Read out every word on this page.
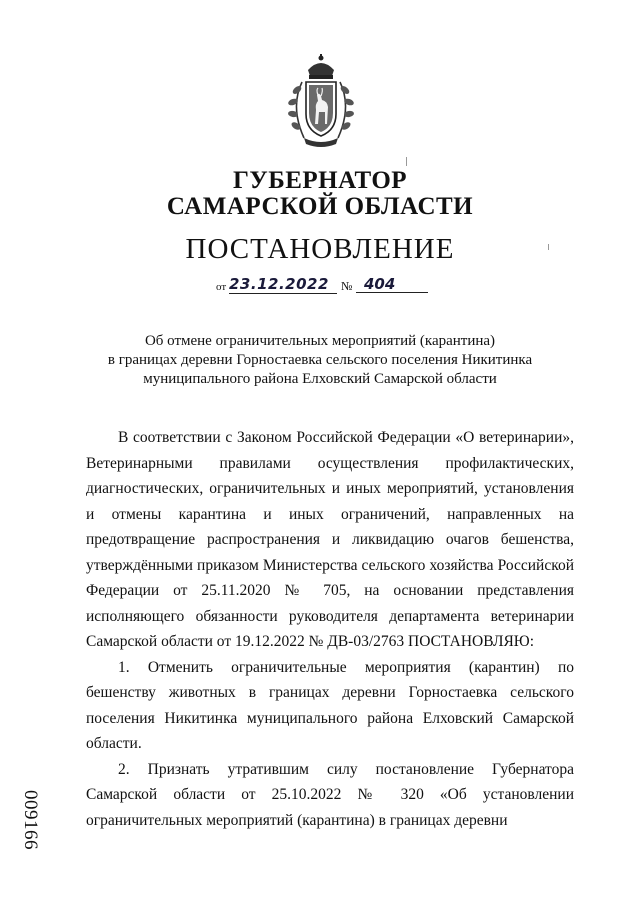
ГУБЕРНАТОР
САМАРСКОЙ ОБЛАСТИ
ПОСТАНОВЛЕНИЕ
от 23.12.2022	№ 404
Об отмене ограничительных мероприятий (карантина)
в границах деревни Горностаевка сельского поселения Никитинка
муниципального района Елховский Самарской области

В соответствии с Законом Российской Федерации «О ветеринарии», Ветеринарными правилами осуществления профилактических, диагностических, ограничительных и иных мероприятий, установления и отмены карантина и иных ограничений, направленных на предотвращение распространения и ликвидацию очагов бешенства, утверждёнными приказом Министерства сельского хозяйства Российской Федерации от 25.11.2020 № 705, на основании представления исполняющего обязанности руководителя департамента ветеринарии Самарской области от 19.12.2022 № ДВ-03/2763 ПОСТАНОВЛЯЮ:

1. Отменить ограничительные мероприятия (карантин) по бешенству животных в границах деревни Горностаевка сельского поселения Никитинка муниципального района Елховский Самарской области.

2. Признать утратившим силу постановление Губернатора Самарской области от 25.10.2022 № 320 «Об установлении ограничительных мероприятий (карантина) в границах деревни

009166
